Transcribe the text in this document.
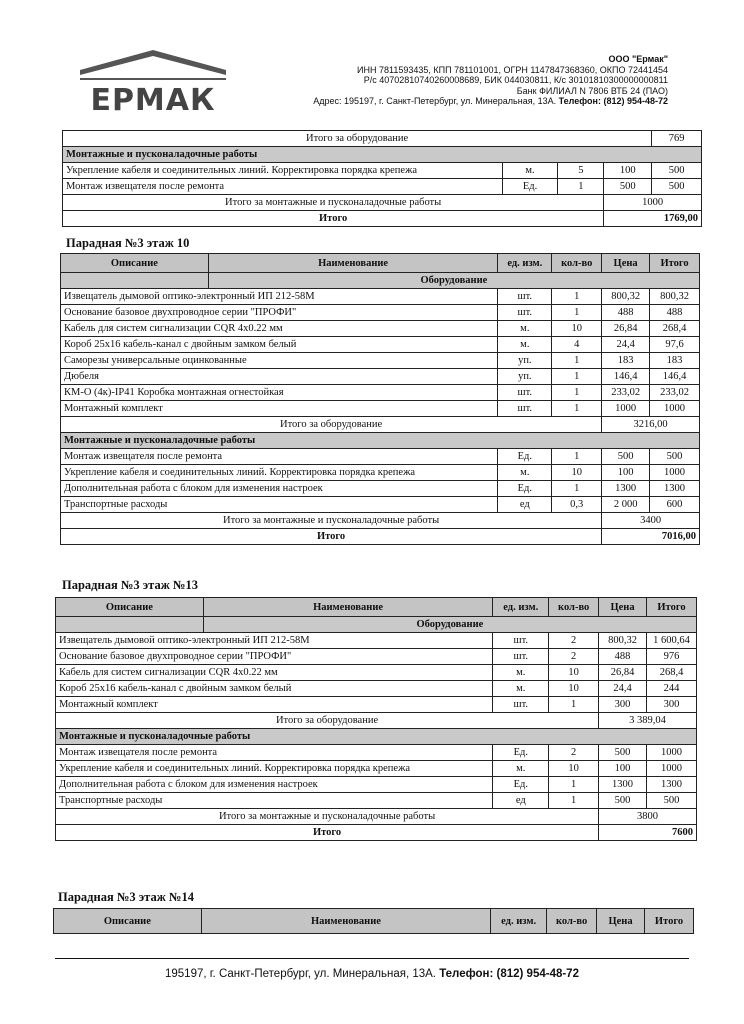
ЕРМАК
ООО "Ермак"
ИНН 7811593435, КПП 781101001, ОГРН 1147847368360, ОКПО 72441454
Р/с 40702810740260008689, БИК 044030811, К/с 30101810300000000811
Банк ФИЛИАЛ N 7806 ВТБ 24 (ПАО)
Адрес: 195197, г. Санкт-Петербург, ул. Минеральная, 13А. Телефон: (812) 954-48-72
Итого за оборудование				769
Монтажные и пусконаладочные работы				
Укрепление кабеля и соединительных линий. Корректировка порядка крепежа	м.	5	100	500
Монтаж извещателя после ремонта	Ед.	1	500	500
Итого за монтажные и пусконаладочные работы			1000	
Итого			1769,00	
Парадная №3 этаж 10
Описание	Наименование	ед. изм.	кол-во	Цена	Итого
	Оборудование				
Извещатель дымовой оптико-электронный ИП 212-58М		шт.	1	800,32	800,32
Основание базовое двухпроводное серии "ПРОФИ"		шт.	1	488	488
Кабель для систем сигнализации CQR 4x0.22 мм		м.	10	26,84	268,4
Короб 25х16 кабель-канал с двойным замком белый		м.	4	24,4	97,6
Саморезы универсальные оцинкованные		уп.	1	183	183
Дюбеля		уп.	1	146,4	146,4
КМ-О (4к)-IP41 Коробка монтажная огнестойкая		шт.	1	233,02	233,02
Монтажный комплект		шт.	1	1000	1000
Итого за оборудование				3216,00	
Монтажные и пусконаладочные работы					
Монтаж извещателя после ремонта		Ед.	1	500	500
Укрепление кабеля и соединительных линий. Корректировка порядка крепежа		м.	10	100	1000
Дополнительная работа с блоком для изменения настроек		Ед.	1	1300	1300
Транспортные расходы		ед	0,3	2 000	600
Итого за монтажные и пусконаладочные работы				3400	
Итого				7016,00	
Парадная №3 этаж №13
Описание	Наименование	ед. изм.	кол-во	Цена	Итого
	Оборудование				
Извещатель дымовой оптико-электронный ИП 212-58М		шт.	2	800,32	1 600,64
Основание базовое двухпроводное серии "ПРОФИ"		шт.	2	488	976
Кабель для систем сигнализации CQR 4x0.22 мм		м.	10	26,84	268,4
Короб 25х16 кабель-канал с двойным замком белый		м.	10	24,4	244
Монтажный комплект		шт.	1	300	300
Итого за оборудование				3 389,04	
Монтажные и пусконаладочные работы					
Монтаж извещателя после ремонта		Ед.	2	500	1000
Укрепление кабеля и соединительных линий. Корректировка порядка крепежа		м.	10	100	1000
Дополнительная работа с блоком для изменения настроек		Ед.	1	1300	1300
Транспортные расходы		ед	1	500	500
Итого за монтажные и пусконаладочные работы				3800	
Итого				7600	
Парадная №3 этаж №14
Описание	Наименование	ед. изм.	кол-во	Цена	Итого
195197, г. Санкт-Петербург, ул. Минеральная, 13А. Телефон: (812) 954-48-72
